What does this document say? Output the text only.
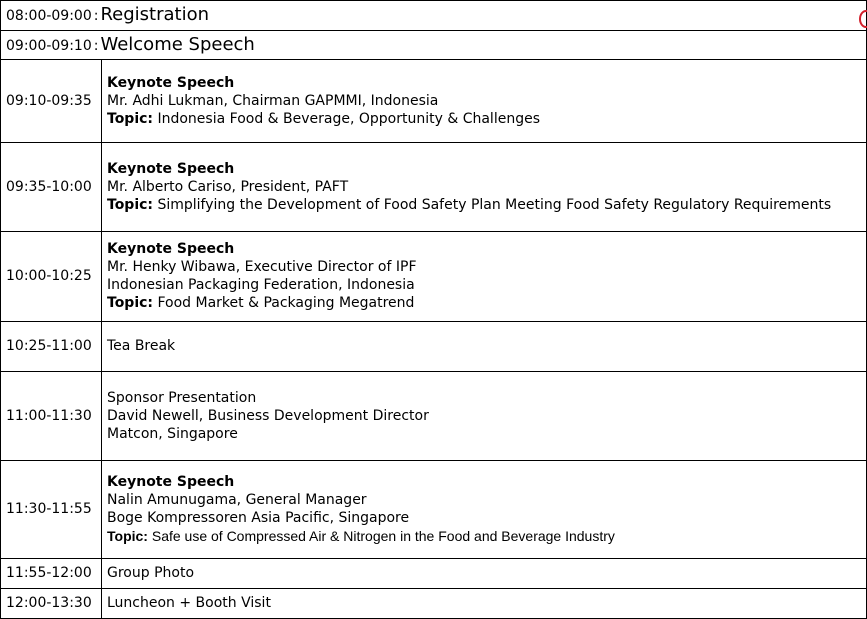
08:00-09:00 : Registration	
09:00-09:10 : Welcome Speech	
09:10-09:35	Keynote Speech
Mr. Adhi Lukman, Chairman GAPMMI, Indonesia
Topic: Indonesia Food & Beverage, Opportunity & Challenges

09:35-10:00	Keynote Speech
Mr. Alberto Cariso, President, PAFT
Topic: Simplifying the Development of Food Safety Plan Meeting Food Safety Regulatory Requirements

10:00-10:25	Keynote Speech
Mr. Henky Wibawa, Executive Director of IPF
Indonesian Packaging Federation, Indonesia
Topic: Food Market & Packaging Megatrend

10:25-11:00	Tea Break

11:00-11:30	Sponsor Presentation
David Newell, Business Development Director
Matcon, Singapore

11:30-11:55	Keynote Speech
Nalin Amunugama, General Manager
Boge Kompressoren Asia Pacific, Singapore
Topic: Safe use of Compressed Air & Nitrogen in the Food and Beverage Industry

11:55-12:00	Group Photo

12:00-13:30	Luncheon + Booth Visit
